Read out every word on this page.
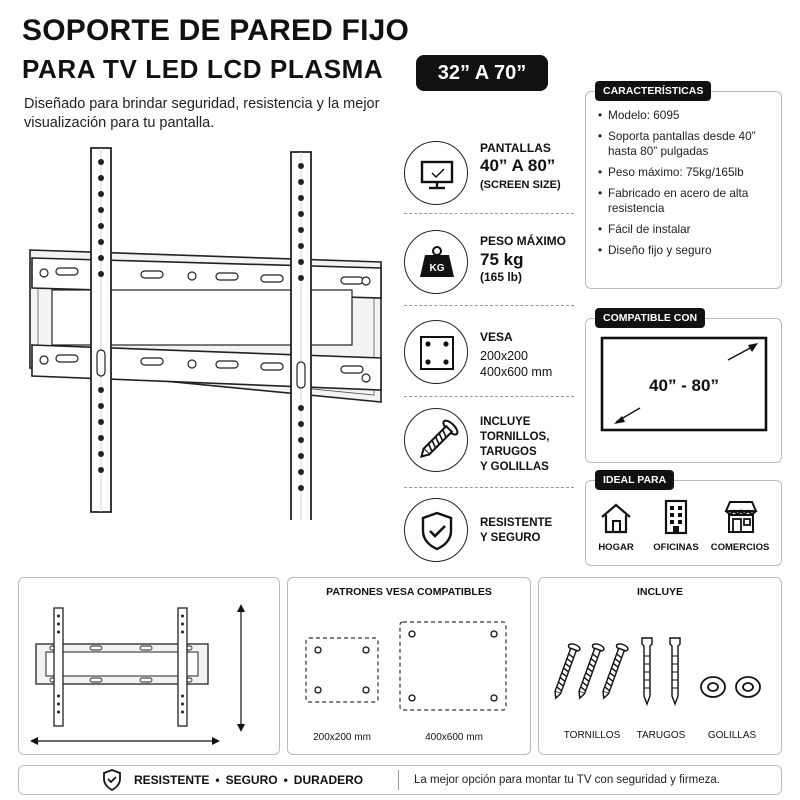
SOPORTE DE PARED FIJO
PARA TV LED LCD PLASMA	32” A 70”
Diseñado para brindar seguridad, resistencia y la mejor visualización para tu pantalla.
PANTALLAS
40” A 80”
(SCREEN SIZE)
KG
PESO MÁXIMO
75 kg
(165 lb)
VESA
200x200
400x600 mm
INCLUYE
TORNILLOS,
TARUGOS
Y GOLILLAS
RESISTENTE
Y SEGURO
CARACTERÍSTICAS
• Modelo: 6095
• Soporta pantallas desde 40” hasta 80” pulgadas
• Peso máximo: 75kg/165lb
• Fabricado en acero de alta resistencia
• Fácil de instalar
• Diseño fijo y seguro
COMPATIBLE CON
40” - 80”
IDEAL PARA
HOGAR	OFICINAS	COMERCIOS
PATRONES VESA COMPATIBLES
200x200 mm	400x600 mm
INCLUYE
TORNILLOS	TARUGOS	GOLILLAS
RESISTENTE • SEGURO • DURADERO	La mejor opción para montar tu TV con seguridad y firmeza.
